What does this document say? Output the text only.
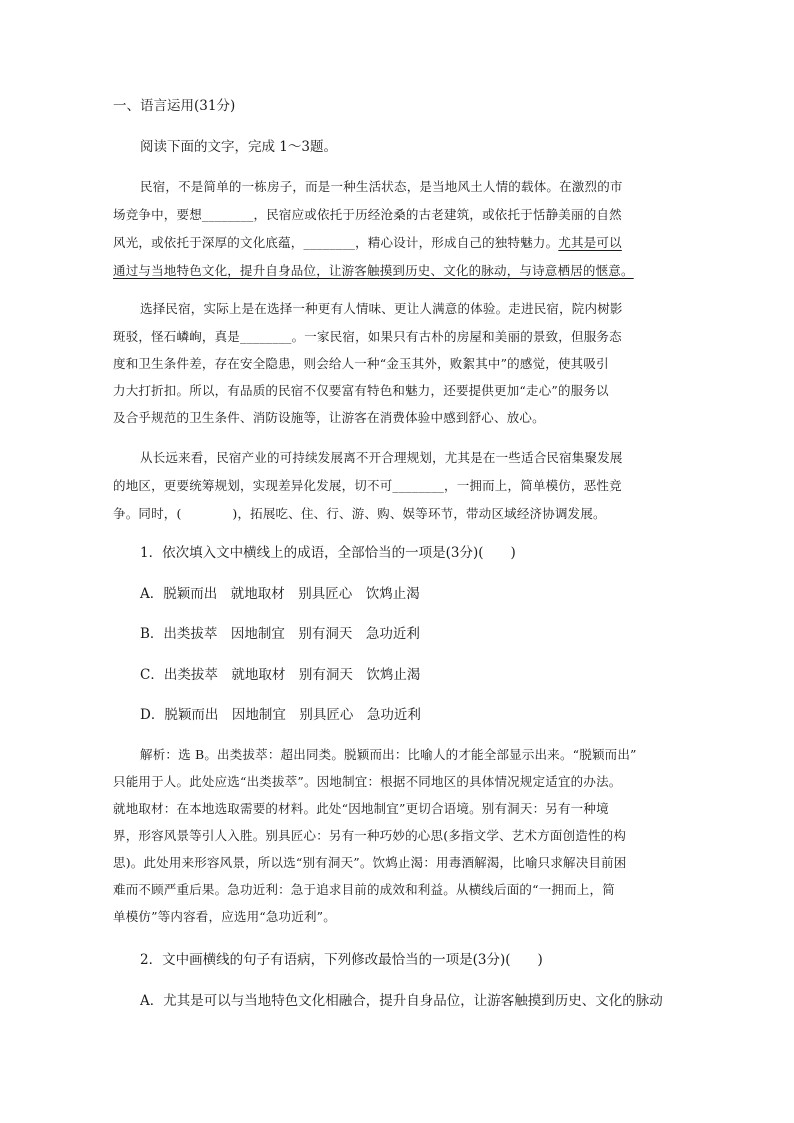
一、语言运用(31分)
阅读下面的文字，完成 1～3题。
民宿，不是简单的一栋房子，而是一种生活状态，是当地风土人情的载体。在激烈的市
场竞争中，要想________，民宿应或依托于历经沧桑的古老建筑，或依托于恬静美丽的自然
风光，或依托于深厚的文化底蕴，________，精心设计，形成自己的独特魅力。尤其是可以
通过与当地特色文化，提升自身品位，让游客触摸到历史、文化的脉动，与诗意栖居的惬意。
选择民宿，实际上是在选择一种更有人情味、更让人满意的体验。走进民宿，院内树影
斑驳，怪石嶙峋，真是________。一家民宿，如果只有古朴的房屋和美丽的景致，但服务态
度和卫生条件差，存在安全隐患，则会给人一种“金玉其外，败絮其中”的感觉，使其吸引
力大打折扣。所以，有品质的民宿不仅要富有特色和魅力，还要提供更加“走心”的服务以
及合乎规范的卫生条件、消防设施等，让游客在消费体验中感到舒心、放心。
从长远来看，民宿产业的可持续发展离不开合理规划，尤其是在一些适合民宿集聚发展
的地区，更要统筹规划，实现差异化发展，切不可________，一拥而上，简单模仿，恶性竞
争。同时，(　　　　)，拓展吃、住、行、游、购、娱等环节，带动区域经济协调发展。
1．依次填入文中横线上的成语，全部恰当的一项是(3分)(　　)
A．脱颖而出　就地取材　别具匠心　饮鸩止渴
B．出类拔萃　因地制宜　别有洞天　急功近利
C．出类拔萃　就地取材　别有洞天　饮鸩止渴
D．脱颖而出　因地制宜　别具匠心　急功近利
解析：选 B。出类拔萃：超出同类。脱颖而出：比喻人的才能全部显示出来。“脱颖而出”
只能用于人。此处应选“出类拔萃”。因地制宜：根据不同地区的具体情况规定适宜的办法。
就地取材：在本地选取需要的材料。此处“因地制宜”更切合语境。别有洞天：另有一种境
界，形容风景等引人入胜。别具匠心：另有一种巧妙的心思(多指文学、艺术方面创造性的构
思)。此处用来形容风景，所以选“别有洞天”。饮鸩止渴：用毒酒解渴，比喻只求解决目前困
难而不顾严重后果。急功近利：急于追求目前的成效和利益。从横线后面的“一拥而上，简
单模仿”等内容看，应选用“急功近利”。
2．文中画横线的句子有语病，下列修改最恰当的一项是(3分)(　　)
A．尤其是可以与当地特色文化相融合，提升自身品位，让游客触摸到历史、文化的脉动
